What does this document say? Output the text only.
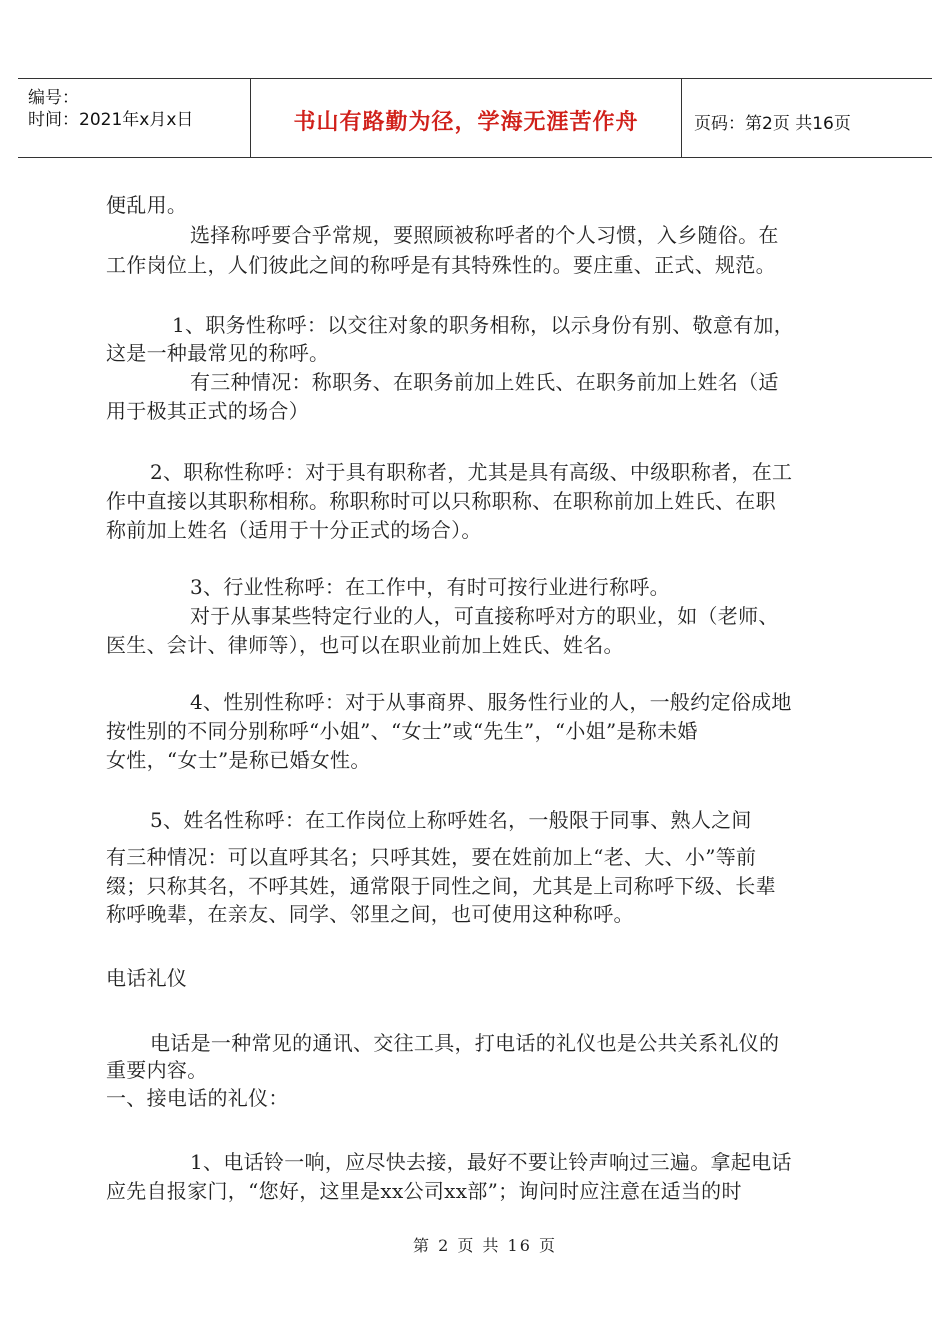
编号：
时间：2021年x月x日	书山有路勤为径，学海无涯苦作舟	页码：第2页 共16页
便乱用。
选择称呼要合乎常规，要照顾被称呼者的个人习惯，入乡随俗。在
工作岗位上，人们彼此之间的称呼是有其特殊性的。要庄重、正式、规范。
1、职务性称呼：以交往对象的职务相称，以示身份有别、敬意有加，
这是一种最常见的称呼。
有三种情况：称职务、在职务前加上姓氏、在职务前加上姓名（适
用于极其正式的场合）
2、职称性称呼：对于具有职称者，尤其是具有高级、中级职称者，在工
作中直接以其职称相称。称职称时可以只称职称、在职称前加上姓氏、在职
称前加上姓名（适用于十分正式的场合）。
3、行业性称呼：在工作中，有时可按行业进行称呼。
对于从事某些特定行业的人，可直接称呼对方的职业，如（老师、
医生、会计、律师等），也可以在职业前加上姓氏、姓名。
4、性别性称呼：对于从事商界、服务性行业的人，一般约定俗成地
按性别的不同分别称呼“小姐”、“女士”或“先生”，“小姐”是称未婚
女性，“女士”是称已婚女性。
5、姓名性称呼：在工作岗位上称呼姓名，一般限于同事、熟人之间
有三种情况：可以直呼其名；只呼其姓，要在姓前加上“老、大、小”等前
缀；只称其名，不呼其姓，通常限于同性之间，尤其是上司称呼下级、长辈
称呼晚辈，在亲友、同学、邻里之间，也可使用这种称呼。
电话礼仪
电话是一种常见的通讯、交往工具，打电话的礼仪也是公共关系礼仪的
重要内容。
一、接电话的礼仪：
1、电话铃一响，应尽快去接，最好不要让铃声响过三遍。拿起电话
应先自报家门，“您好，这里是xx公司xx部”；询问时应注意在适当的时
第 2 页 共 16 页
